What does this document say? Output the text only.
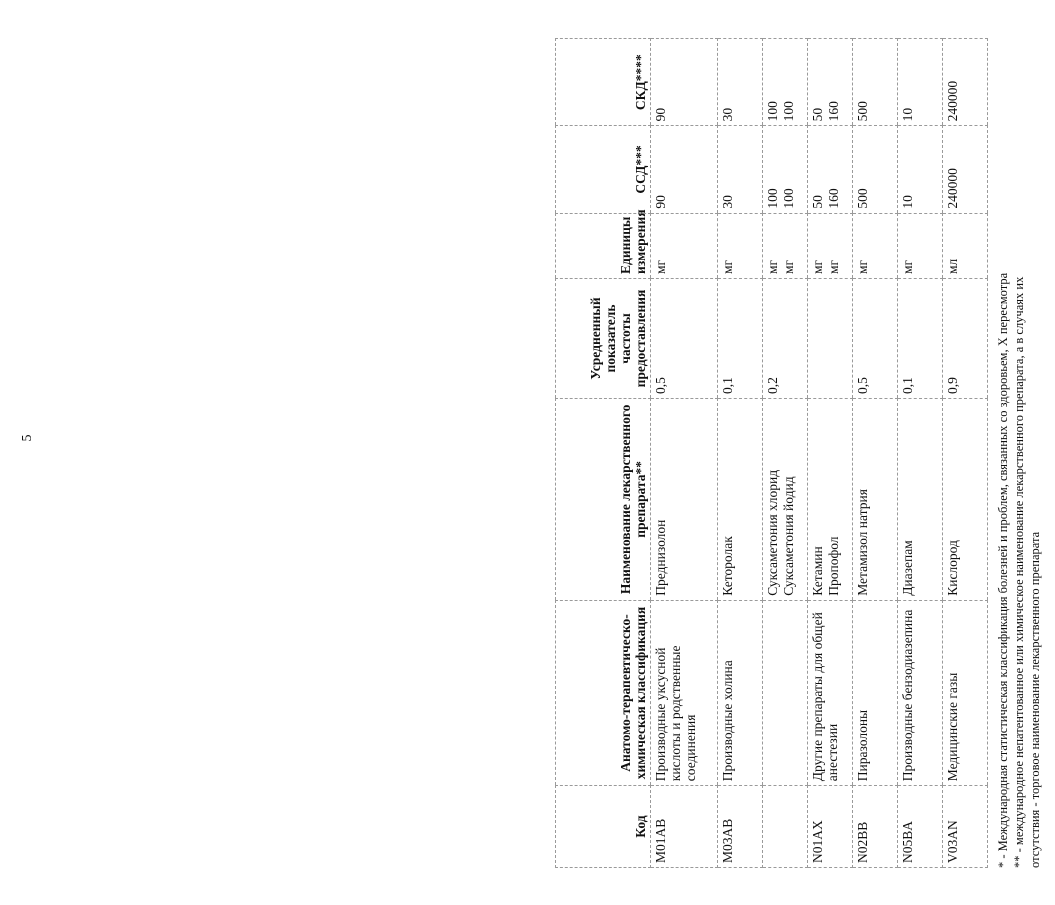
5
Код	Анатомо-терапевтическо-химическая классификация	Наименование лекарственного препарата**	Усредненный показатель частоты предоставления	Единицы измерения	ССД***	СКД****
M01AB	Производные уксусной кислоты и родственные соединения	Преднизолон	0,5	мг	90	90

M03AB	Производные холина	Кеторолак	0,1	мг	30	30

		Суксаметония хлорид Суксаметония йодид	0,2	мг мг	100 100	100 100

N01AX	Другие препараты для общей анестезии	Кетамин Пропофол		мг мг	50 160	50 160

N02BB	Пиразолоны	Метамизол натрия	0,5	мг	500	500

N05BA	Производные бензодиазепина	Диазепам	0,1	мг	10	10

V03AN	Медицинские газы	Кислород	0,9	мл	240000	240000

* - Международная статистическая классификация болезней и проблем, связанных со здоровьем, X пересмотра ** - международное непатентованное или химическое наименование лекарственного препарата, а в случаях их отсутствия - торговое наименование лекарственного препарата
